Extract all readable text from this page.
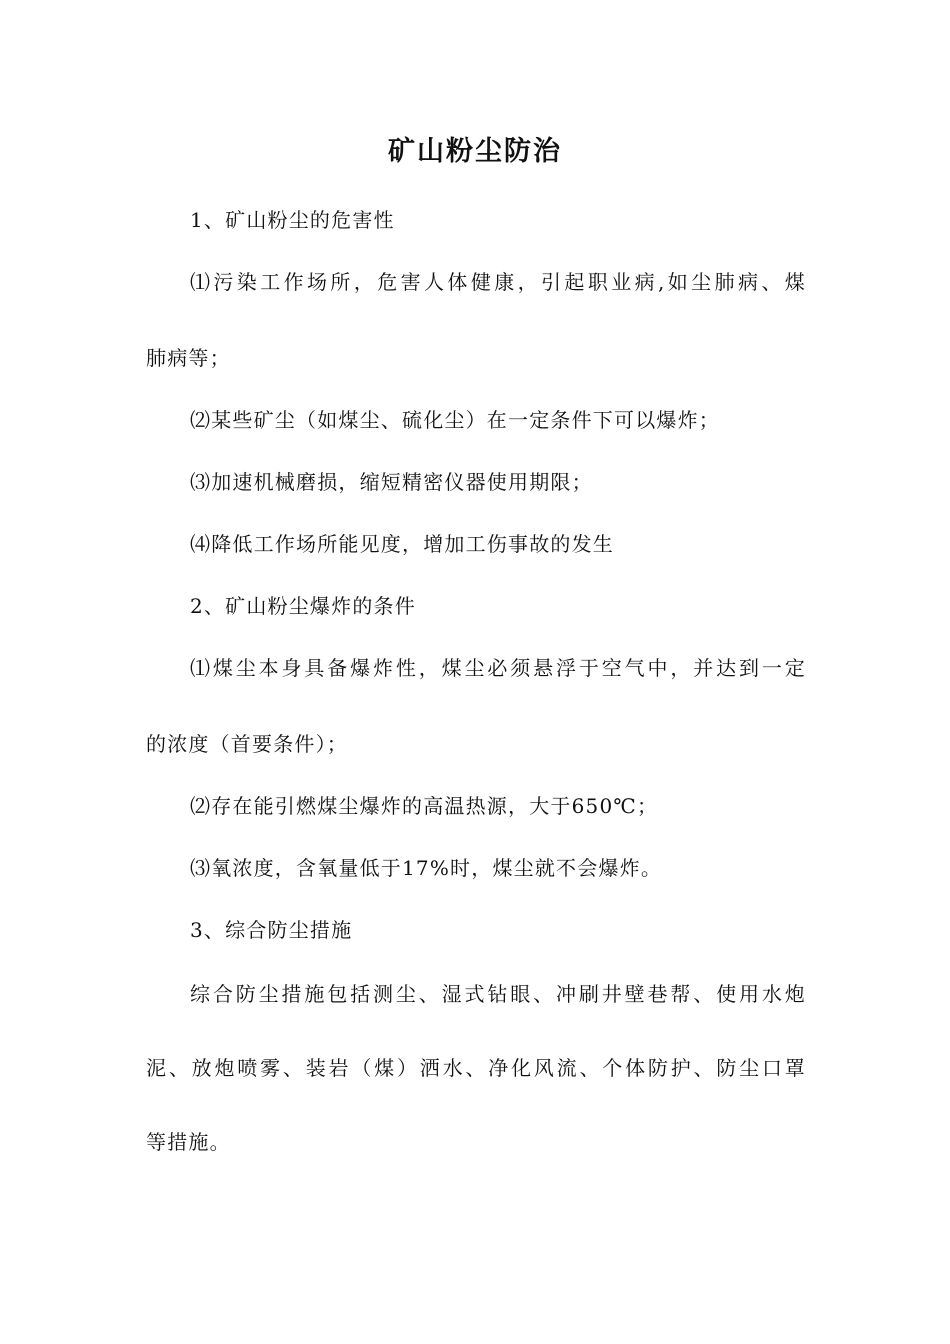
矿山粉尘防治
1、矿山粉尘的危害性
⑴污染工作场所，危害人体健康，引起职业病,如尘肺病、煤
肺病等；
⑵某些矿尘（如煤尘、硫化尘）在一定条件下可以爆炸；
⑶加速机械磨损，缩短精密仪器使用期限；
⑷降低工作场所能见度，增加工伤事故的发生
2、矿山粉尘爆炸的条件
⑴煤尘本身具备爆炸性，煤尘必须悬浮于空气中，并达到一定
的浓度（首要条件）；
⑵存在能引燃煤尘爆炸的高温热源，大于650℃；
⑶氧浓度，含氧量低于17%时，煤尘就不会爆炸。
3、综合防尘措施
综合防尘措施包括测尘、湿式钻眼、冲刷井壁巷帮、使用水炮
泥、放炮喷雾、装岩（煤）洒水、净化风流、个体防护、防尘口罩
等措施。
